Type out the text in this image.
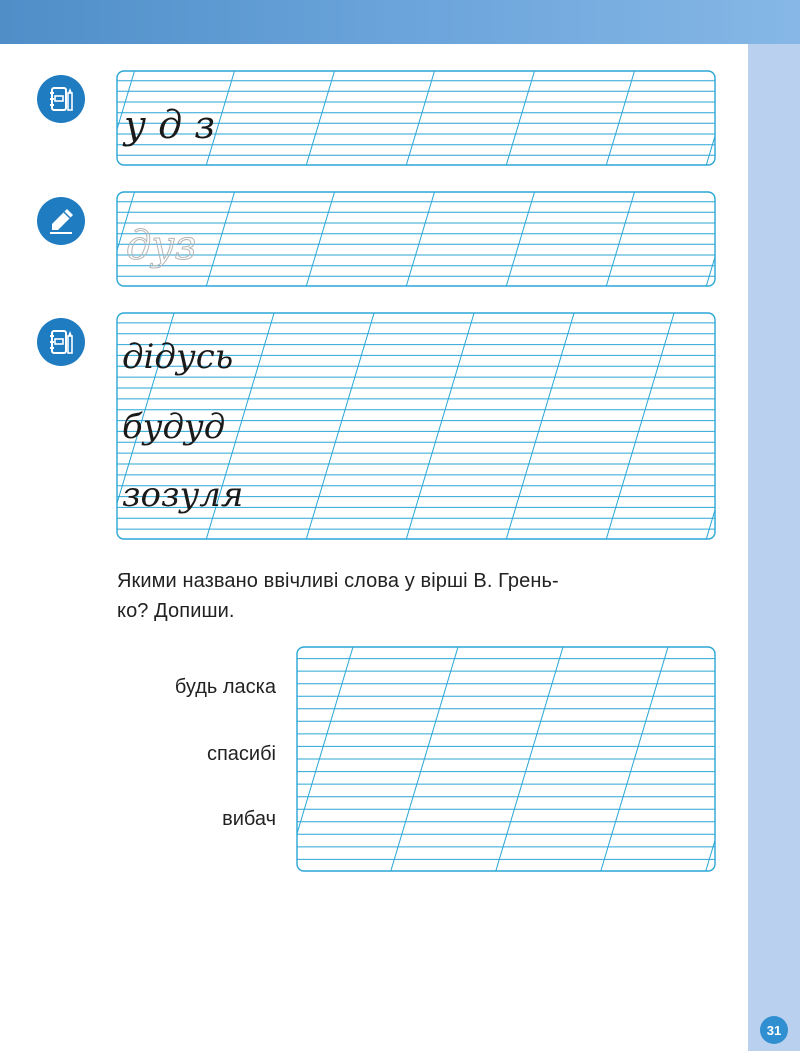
у д з
дуз
дідусь
будуд
зозуля
Якими названо ввічливі слова у вірші В. Грень-
ко? Допиши.
будь ласка
спасибі
вибач
31
